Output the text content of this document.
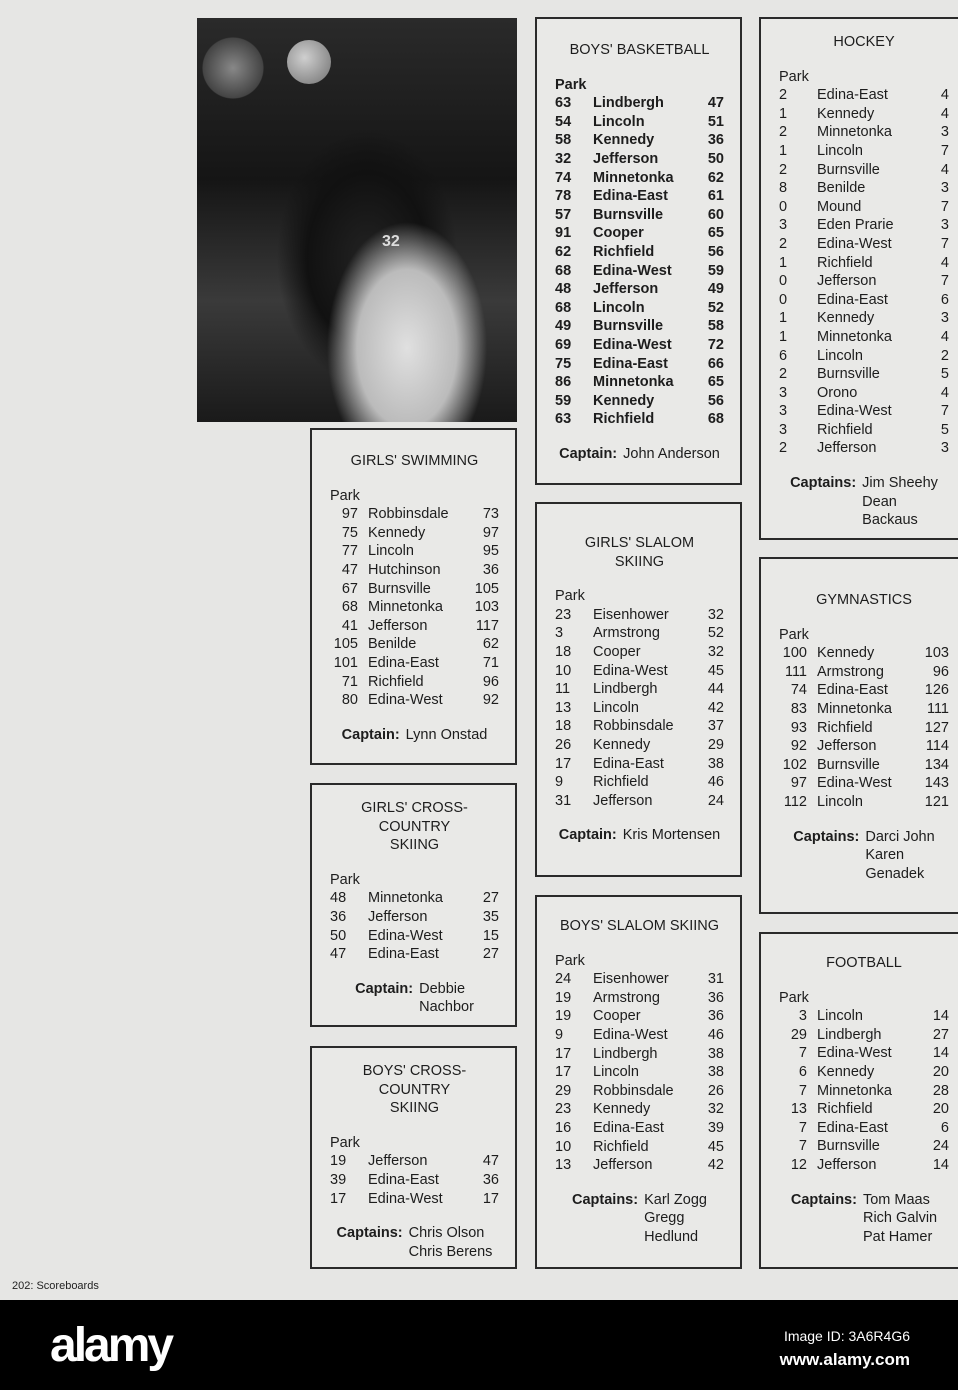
32
BOYS' BASKETBALL
Park
63	Lindbergh	47
54	Lincoln	51
58	Kennedy	36
32	Jefferson	50
74	Minnetonka	62
78	Edina-East	61
57	Burnsville	60
91	Cooper	65
62	Richfield	56
68	Edina-West	59
48	Jefferson	49
68	Lincoln	52
49	Burnsville	58
69	Edina-West	72
75	Edina-East	66
86	Minnetonka	65
59	Kennedy	56
63	Richfield	68
Captain: John Anderson
HOCKEY
Park
2	Edina-East	4
1	Kennedy	4
2	Minnetonka	3
1	Lincoln	7
2	Burnsville	4
8	Benilde	3
0	Mound	7
3	Eden Prarie	3
2	Edina-West	7
1	Richfield	4
0	Jefferson	7
0	Edina-East	6
1	Kennedy	3
1	Minnetonka	4
6	Lincoln	2
2	Burnsville	5
3	Orono	4
3	Edina-West	7
3	Richfield	5
2	Jefferson	3
Captains: Jim Sheehy
Dean
Backaus
GIRLS' SWIMMING
Park
97 Robbinsdale	73
75 Kennedy	97
77 Lincoln	95
47 Hutchinson	36
67 Burnsville	105
68 Minnetonka	103
41 Jefferson	117
105 Benilde	62
101 Edina-East	71
71 Richfield	96
80 Edina-West	92
Captain: Lynn Onstad
GIRLS' SLALOM
SKIING
Park
23	Eisenhower	32
3	Armstrong	52
18	Cooper	32
10	Edina-West	45
11	Lindbergh	44
13	Lincoln	42
18	Robbinsdale	37
26	Kennedy	29
17	Edina-East	38
9	Richfield	46
31	Jefferson	24
Captain: Kris Mortensen
GYMNASTICS
Park
100 Kennedy	103
111 Armstrong	96
74 Edina-East	126
83 Minnetonka	111
93 Richfield	127
92 Jefferson	114
102 Burnsville	134
97 Edina-West	143
112 Lincoln	121
Captains: Darci John
Karen
Genadek
GIRLS' CROSS-
COUNTRY
SKIING
Park
48	Minnetonka	27
36	Jefferson	35
50	Edina-West	15
47	Edina-East	27
Captain: Debbie
Nachbor
BOYS' SLALOM SKIING
Park
24	Eisenhower	31
19	Armstrong	36
19	Cooper	36
9	Edina-West	46
17	Lindbergh	38
17	Lincoln	38
29	Robbinsdale	26
23	Kennedy	32
16	Edina-East	39
10	Richfield	45
13	Jefferson	42
Captains: Karl Zogg
Gregg
Hedlund
FOOTBALL
Park
3 Lincoln	14
29 Lindbergh	27
7 Edina-West	14
6 Kennedy	20
7 Minnetonka	28
13 Richfield	20
7 Edina-East	6
7 Burnsville	24
12 Jefferson	14
Captains: Tom Maas
Rich Galvin
Pat Hamer
BOYS' CROSS-
COUNTRY
SKIING
Park
19	Jefferson	47
39	Edina-East	36
17	Edina-West	17
Captains: Chris Olson
Chris Berens
202: Scoreboards
alamy	Image ID: 3A6R4G6
www.alamy.com
